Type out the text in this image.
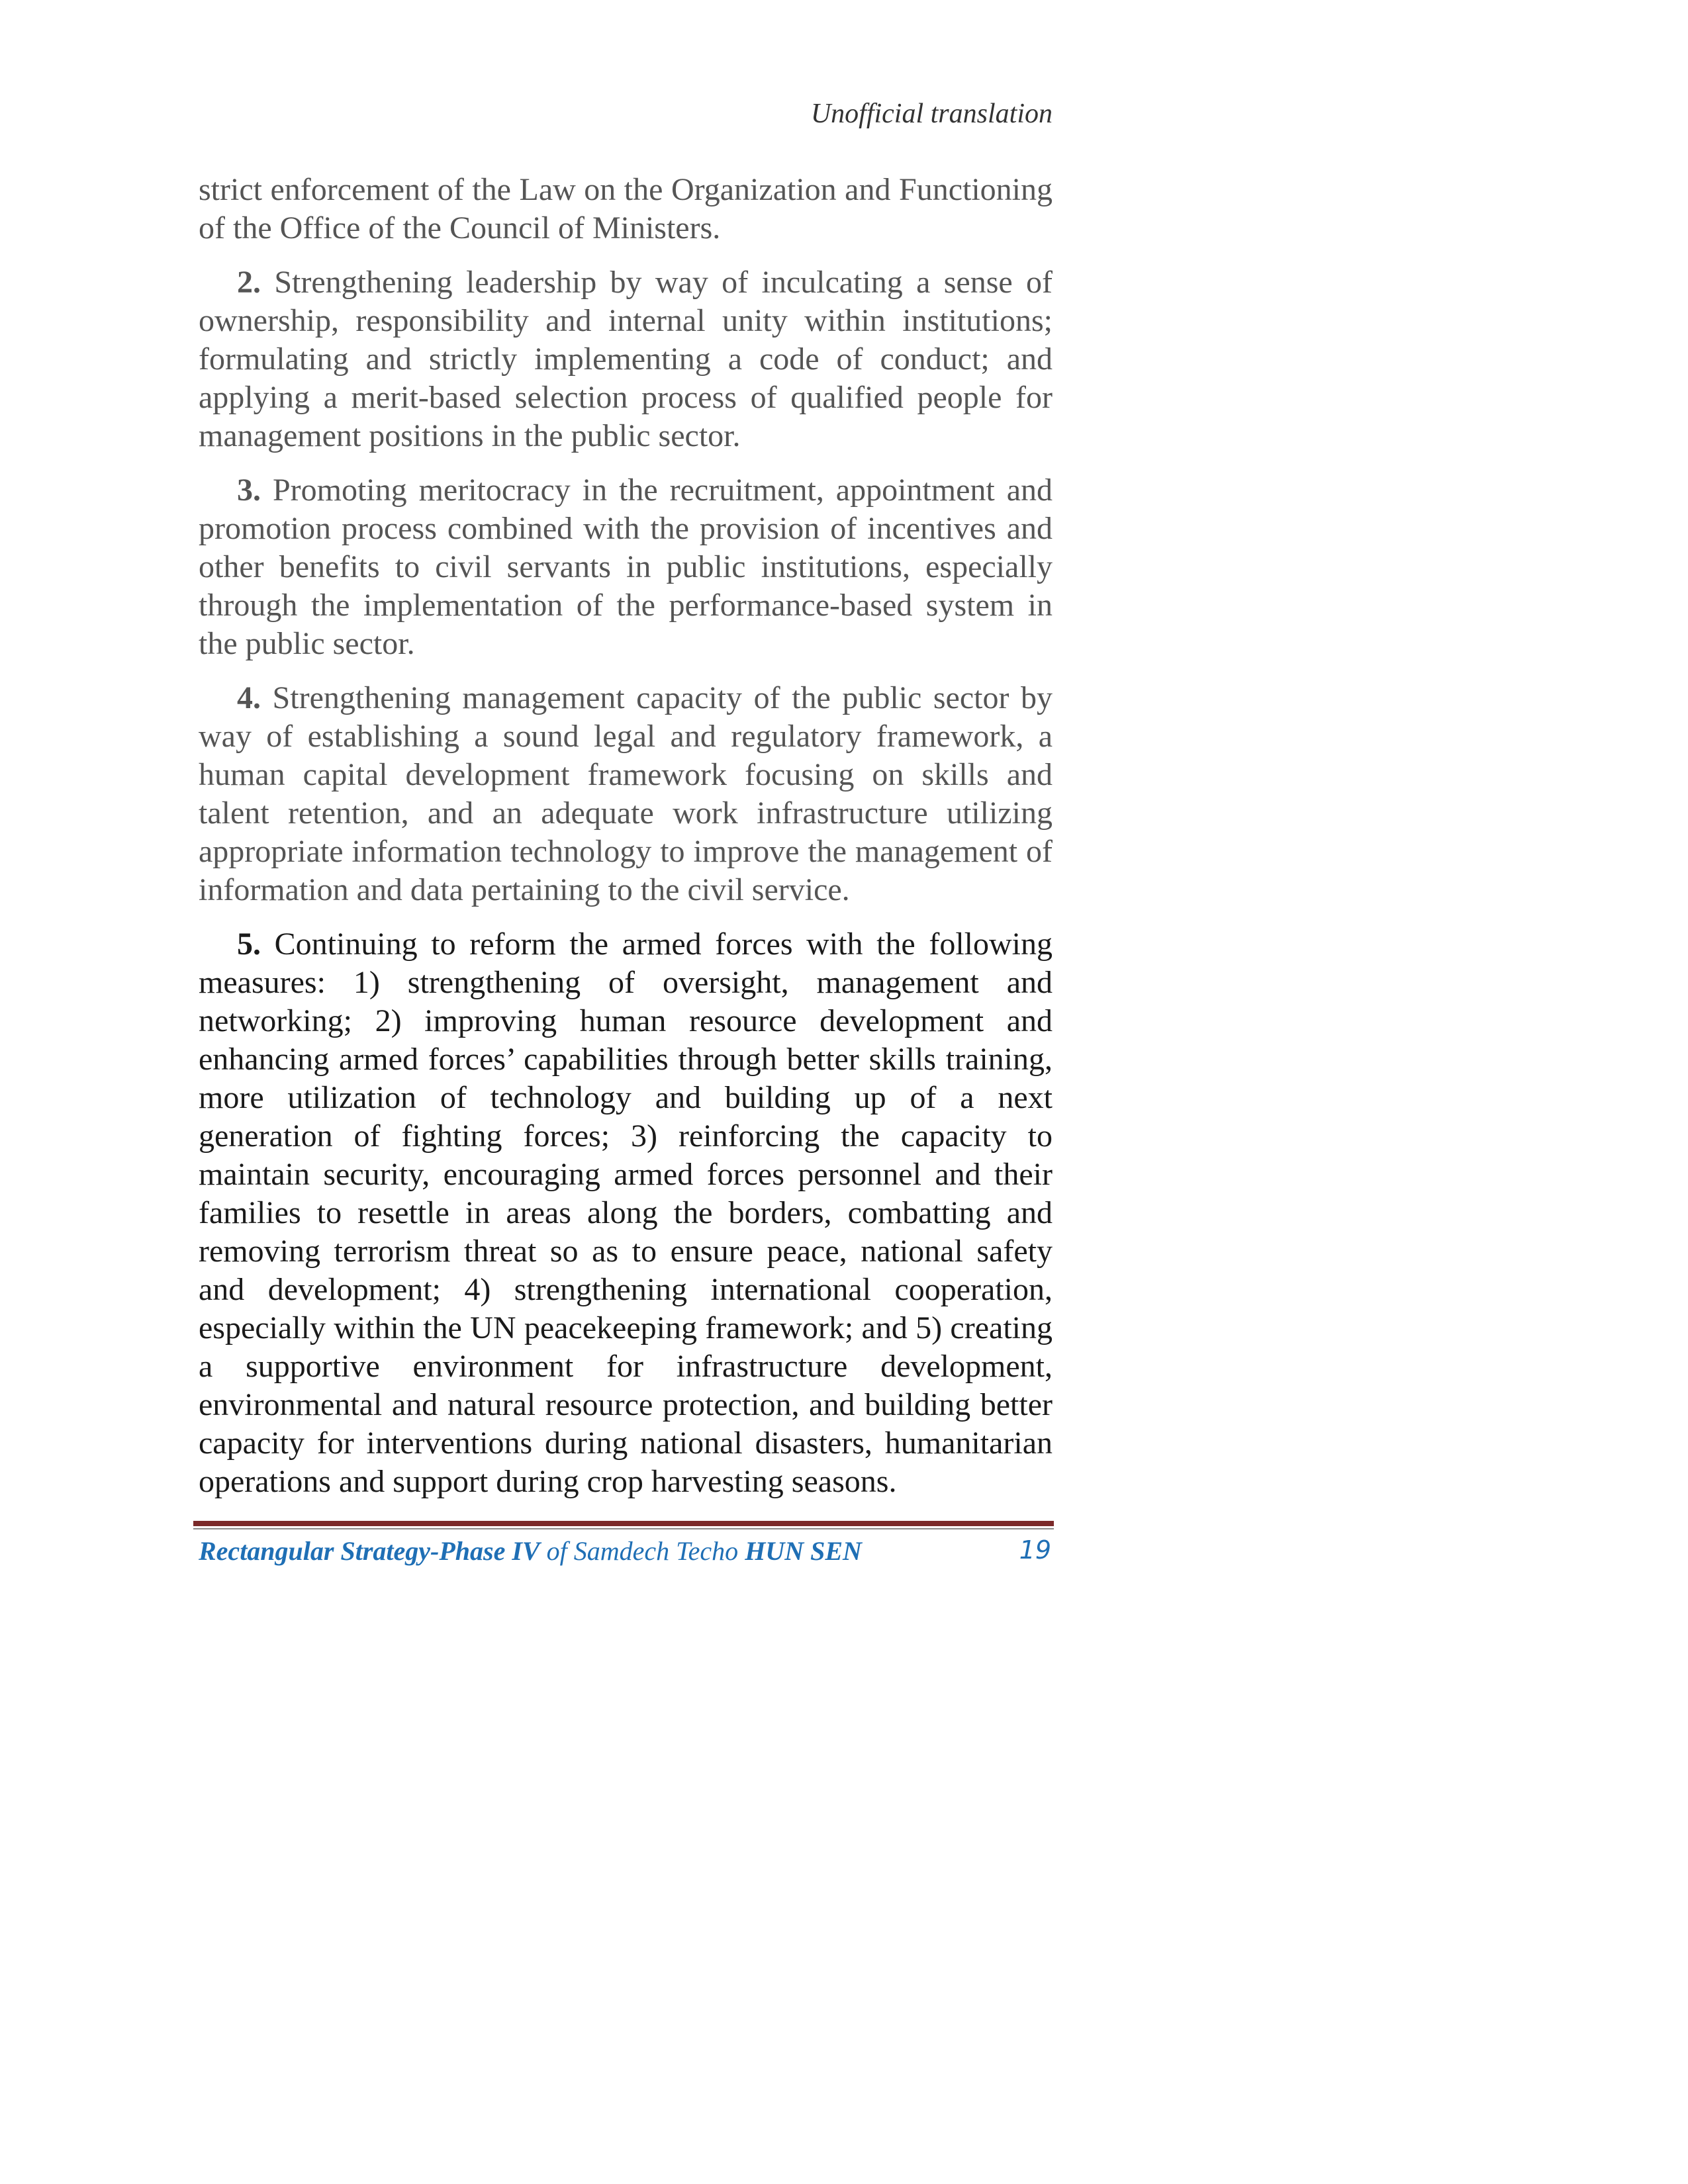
Unofficial translation

strict enforcement of the Law on the Organization and Functioning of the Office of the Council of Ministers.

2. Strengthening leadership by way of inculcating a sense of ownership, responsibility and internal unity within institutions; formulating and strictly implementing a code of conduct; and applying a merit-based selection process of qualified people for management positions in the public sector.

3. Promoting meritocracy in the recruitment, appointment and promotion process combined with the provision of incentives and other benefits to civil servants in public institutions, especially through the implementation of the performance-based system in the public sector.

4. Strengthening management capacity of the public sector by way of establishing a sound legal and regulatory framework, a human capital development framework focusing on skills and talent retention, and an adequate work infrastructure utilizing appropriate information technology to improve the management of information and data pertaining to the civil service.

5. Continuing to reform the armed forces with the following measures: 1) strengthening of oversight, management and networking; 2) improving human resource development and enhancing armed forces’ capabilities through better skills training, more utilization of technology and building up of a next generation of fighting forces; 3) reinforcing the capacity to maintain security, encouraging armed forces personnel and their families to resettle in areas along the borders, combatting and removing terrorism threat so as to ensure peace, national safety and development; 4) strengthening international cooperation, especially within the UN peacekeeping framework; and 5) creating a supportive environment for infrastructure development, environmental and natural resource protection, and building better capacity for interventions during national disasters, humanitarian operations and support during crop harvesting seasons.

Rectangular Strategy-Phase IV of Samdech Techo HUN SEN	19
